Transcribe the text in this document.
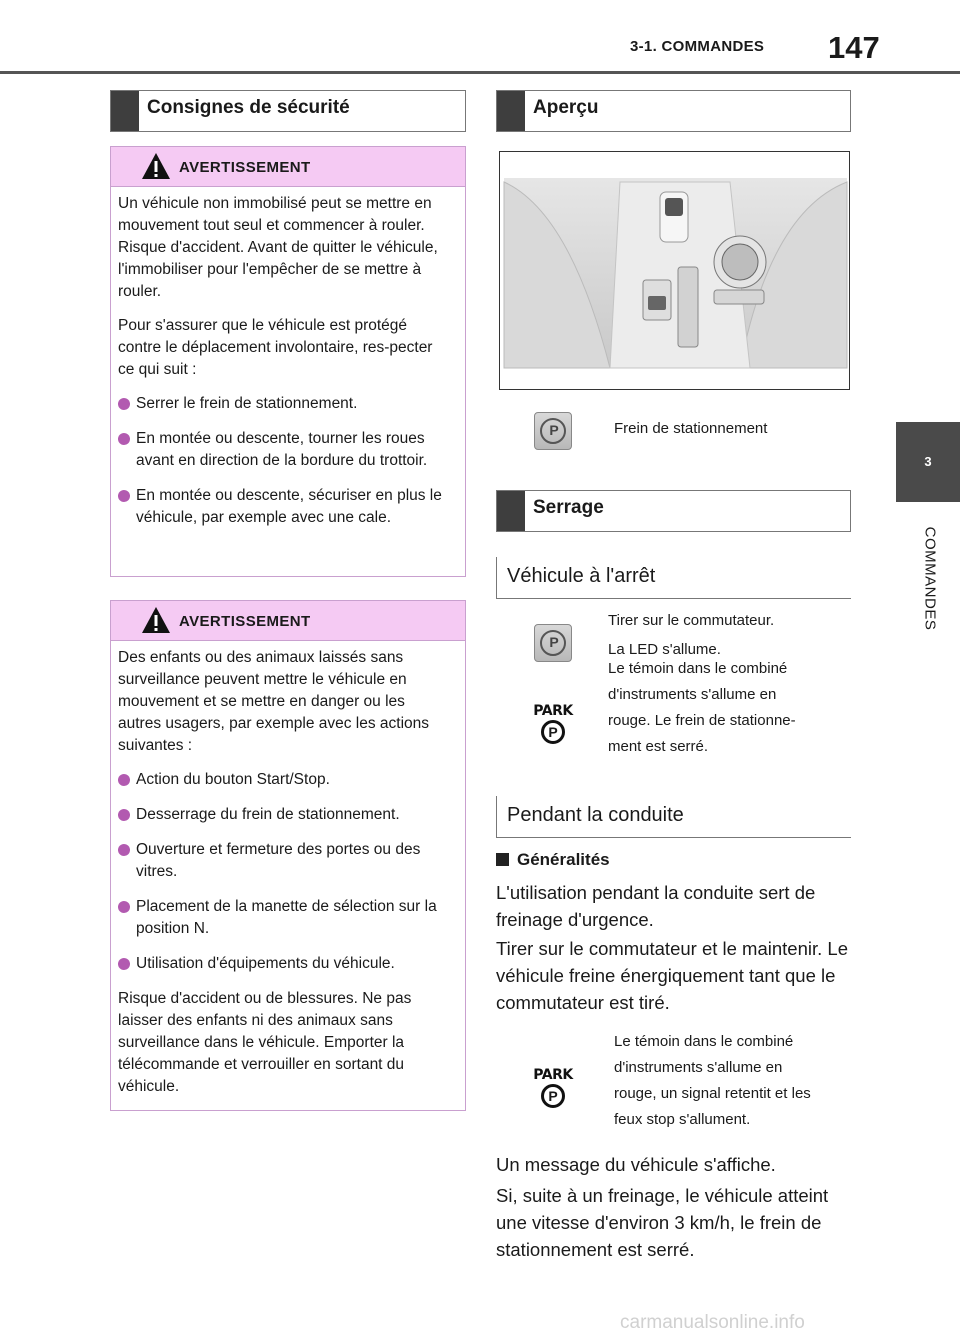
3-1. COMMANDES 147
3
COMMANDES
Consignes de sécurité
AVERTISSEMENT

Un véhicule non immobilisé peut se mettre en mouvement tout seul et commencer à rouler. Risque d'accident. Avant de quitter le véhicule, l'immobiliser pour l'empêcher de se mettre à rouler.

Pour s'assurer que le véhicule est protégé contre le déplacement involontaire, res-pecter ce qui suit :

Serrer le frein de stationnement.
En montée ou descente, tourner les roues avant en direction de la bordure du trottoir.
En montée ou descente, sécuriser en plus le véhicule, par exemple avec une cale.
AVERTISSEMENT

Des enfants ou des animaux laissés sans surveillance peuvent mettre le véhicule en mouvement et se mettre en danger ou les autres usagers, par exemple avec les actions suivantes :

Action du bouton Start/Stop.
Desserrage du frein de stationnement.
Ouverture et fermeture des portes ou des vitres.
Placement de la manette de sélection sur la position N.
Utilisation d'équipements du véhicule.

Risque d'accident ou de blessures. Ne pas laisser des enfants ni des animaux sans surveillance dans le véhicule. Emporter la télécommande et verrouiller en sortant du véhicule.

Aperçu
P	Frein de stationnement
Serrage
Véhicule à l'arrêt
P
PARK
P
Tirer sur le commutateur.
La LED s'allume.
Le témoin dans le combiné
d'instruments s'allume en
rouge. Le frein de stationne-
ment est serré.
Pendant la conduite
Généralités
L'utilisation pendant la conduite sert de freinage d'urgence.
Tirer sur le commutateur et le maintenir. Le véhicule freine énergiquement tant que le commutateur est tiré.
PARK
P
Le témoin dans le combiné
d'instruments s'allume en
rouge, un signal retentit et les
feux stop s'allument.
Un message du véhicule s'affiche.
Si, suite à un freinage, le véhicule atteint une vitesse d'environ 3 km/h, le frein de stationnement est serré.
carmanualsonline.info
